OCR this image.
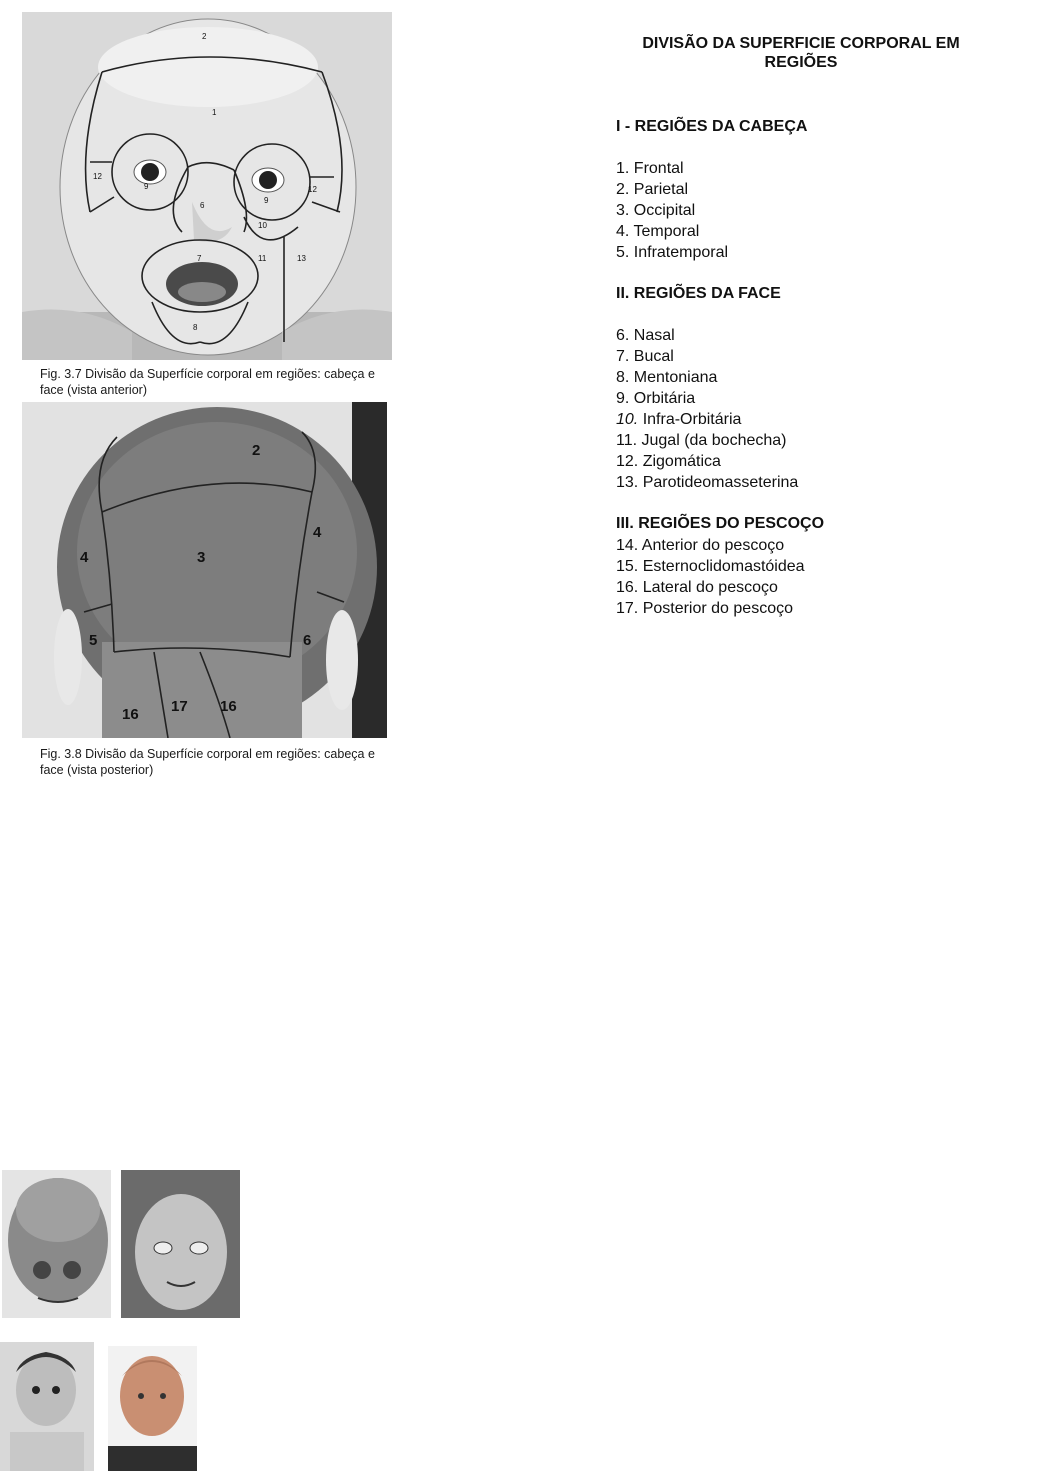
1
2
6
7
8
9
9
10
11
12
12
13
Fig. 3.7 Divisão da Superfície corporal em regiões: cabeça e face (vista anterior)
2
3
4
4
5	6
16 17 16
Fig. 3.8 Divisão da Superfície corporal em regiões: cabeça e face (vista posterior)
DIVISÃO DA SUPERFICIE CORPORAL EM REGIÕES
I - REGIÕES DA CABEÇA
1. Frontal
2. Parietal
3. Occipital
4. Temporal
5. Infratemporal
II. REGIÕES DA FACE
6. Nasal
7. Bucal
8. Mentoniana
9. Orbitária
10. Infra-Orbitária
11. Jugal (da bochecha)
12. Zigomática
13. Parotideomasseterina
III. REGIÕES DO PESCOÇO
14. Anterior do pescoço
15. Esternoclidomastóidea
16. Lateral do pescoço
17. Posterior do pescoço
